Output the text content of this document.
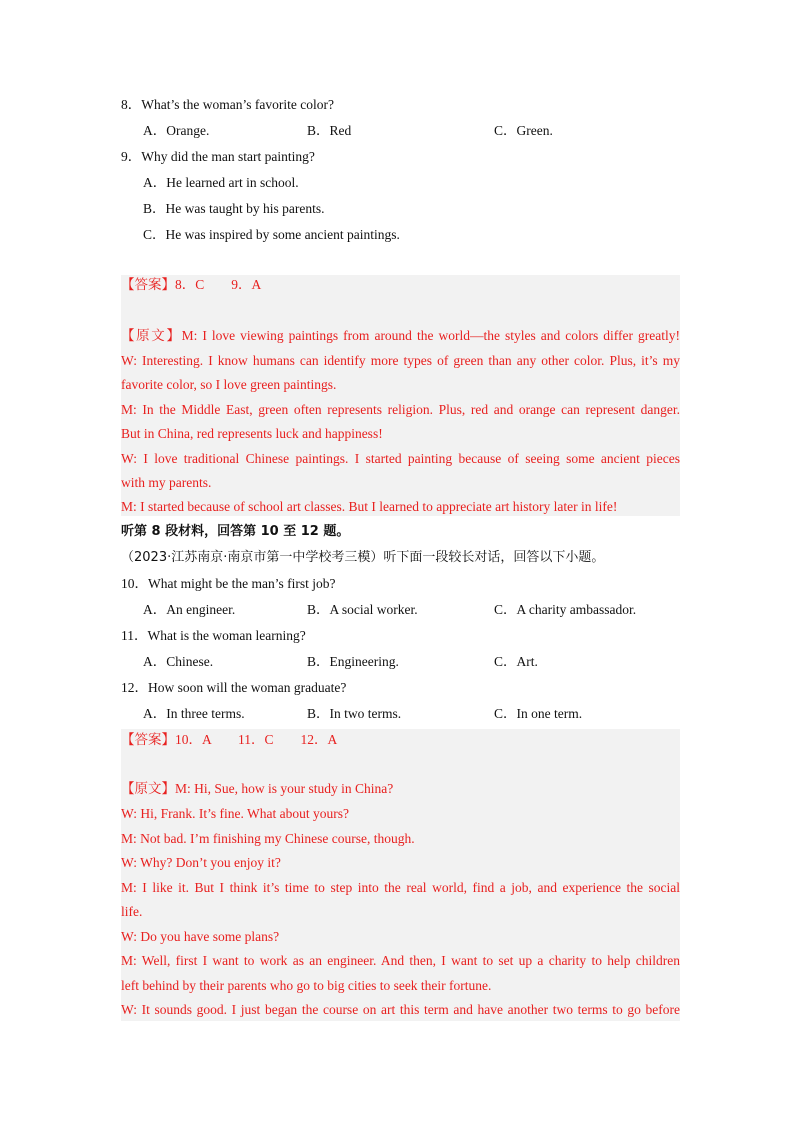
8．What’s the woman’s favorite color?
A．Orange.	B．Red	C．Green.
9．Why did the man start painting?
A．He learned art in school.
B．He was taught by his parents.
C．He was inspired by some ancient paintings.
【答案】8．C　　9．A
【原文】M: I love viewing paintings from around the world—the styles and colors differ greatly!
W: Interesting. I know humans can identify more types of green than any other color. Plus, it’s my
favorite color, so I love green paintings.
M: In the Middle East, green often represents religion. Plus, red and orange can represent danger.
But in China, red represents luck and happiness!
W: I love traditional Chinese paintings. I started painting because of seeing some ancient pieces
with my parents.
M: I started because of school art classes. But I learned to appreciate art history later in life!
听第 8 段材料，回答第 10 至 12 题。
（2023·江苏南京·南京市第一中学校考三模）听下面一段较长对话，回答以下小题。
10．What might be the man’s first job?
A．An engineer.	B．A social worker.	C．A charity ambassador.
11．What is the woman learning?
A．Chinese.	B．Engineering.	C．Art.
12．How soon will the woman graduate?
A．In three terms.	B．In two terms.	C．In one term.
【答案】10．A　　11．C　　12．A
【原文】M: Hi, Sue, how is your study in China?
W: Hi, Frank. It’s fine. What about yours?
M: Not bad. I’m finishing my Chinese course, though.
W: Why? Don’t you enjoy it?
M: I like it. But I think it’s time to step into the real world, find a job, and experience the social
life.
W: Do you have some plans?
M: Well, first I want to work as an engineer. And then, I want to set up a charity to help children
left behind by their parents who go to big cities to seek their fortune.
W: It sounds good. I just began the course on art this term and have another two terms to go before
